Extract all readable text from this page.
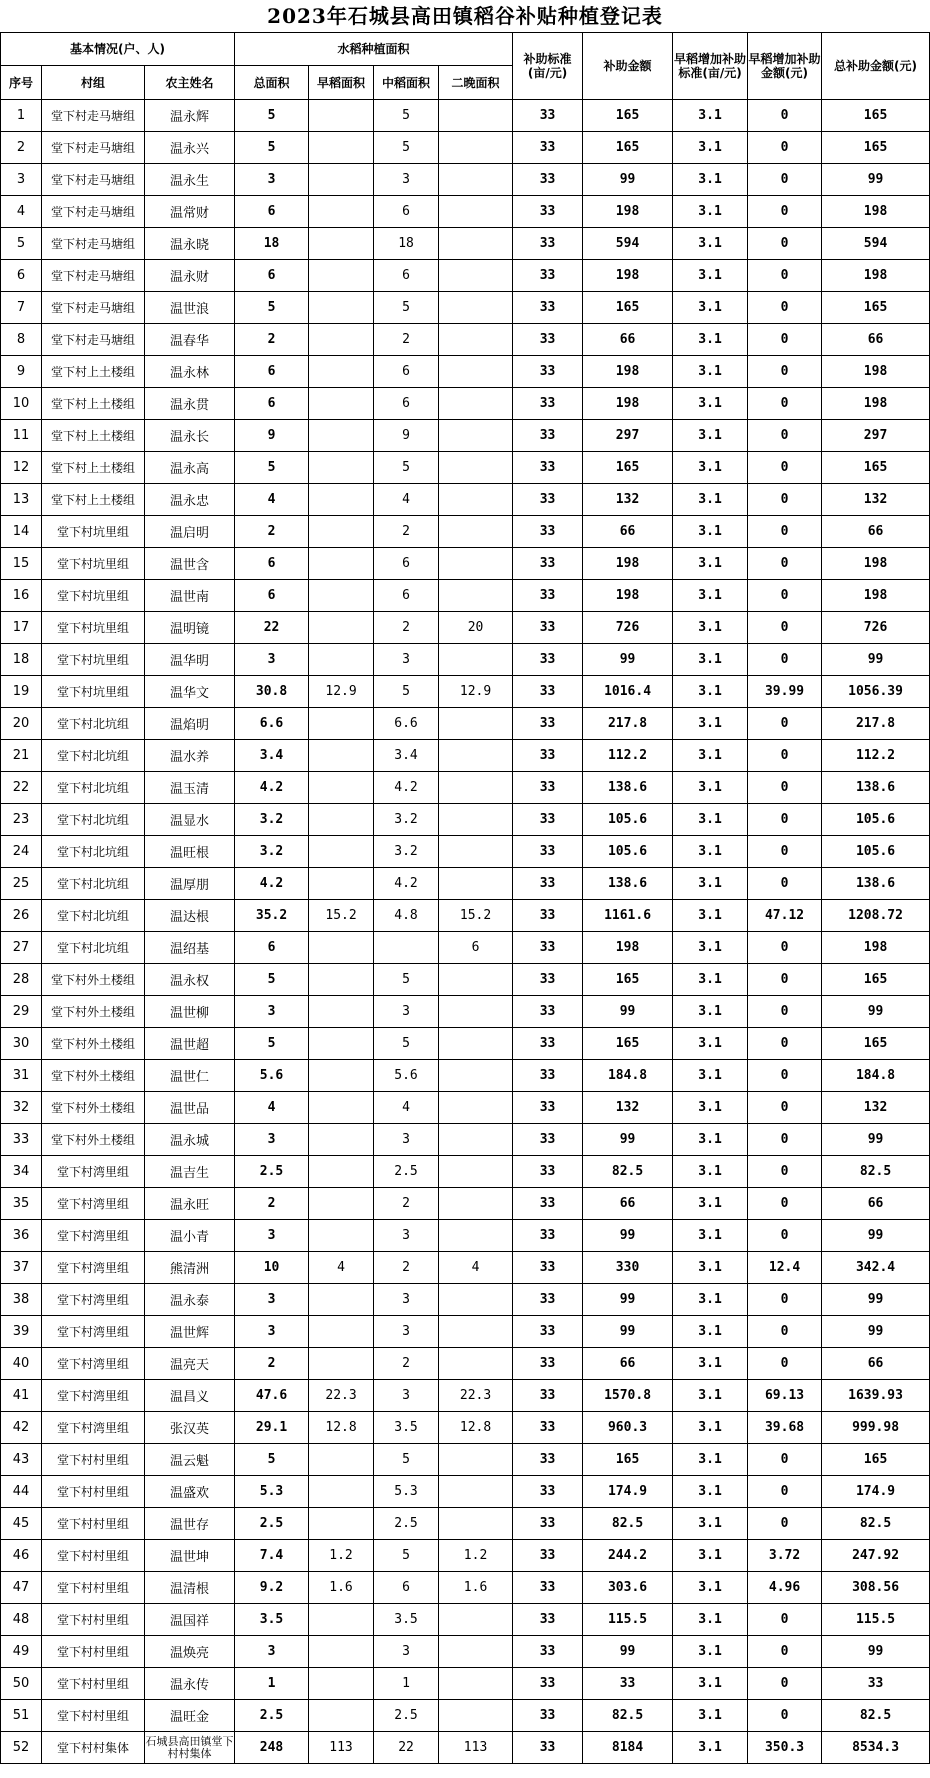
2023年石城县高田镇稻谷补贴种植登记表
基本情况(户、人)			水稻种植面积				补助标准(亩/元)	补助金额	早稻增加补助标准(亩/元)	早稻增加补助金额(元)	总补助金额(元)
序号	村组	农主姓名	总面积	早稻面积	中稻面积	二晚面积					
1	堂下村走马塘组	温永辉	5		5		33	165	3.1	0	165
2	堂下村走马塘组	温永兴	5		5		33	165	3.1	0	165
3	堂下村走马塘组	温永生	3		3		33	99	3.1	0	99
4	堂下村走马塘组	温常财	6		6		33	198	3.1	0	198
5	堂下村走马塘组	温永晓	18		18		33	594	3.1	0	594
6	堂下村走马塘组	温永财	6		6		33	198	3.1	0	198
7	堂下村走马塘组	温世浪	5		5		33	165	3.1	0	165
8	堂下村走马塘组	温春华	2		2		33	66	3.1	0	66
9	堂下村上土楼组	温永林	6		6		33	198	3.1	0	198
10	堂下村上土楼组	温永贯	6		6		33	198	3.1	0	198
11	堂下村上土楼组	温永长	9		9		33	297	3.1	0	297
12	堂下村上土楼组	温永高	5		5		33	165	3.1	0	165
13	堂下村上土楼组	温永忠	4		4		33	132	3.1	0	132
14	堂下村坑里组	温启明	2		2		33	66	3.1	0	66
15	堂下村坑里组	温世含	6		6		33	198	3.1	0	198
16	堂下村坑里组	温世南	6		6		33	198	3.1	0	198
17	堂下村坑里组	温明镜	22		2	20	33	726	3.1	0	726
18	堂下村坑里组	温华明	3		3		33	99	3.1	0	99
19	堂下村坑里组	温华文	30.8	12.9	5	12.9	33	1016.4	3.1	39.99	1056.39
20	堂下村北坑组	温焰明	6.6		6.6		33	217.8	3.1	0	217.8
21	堂下村北坑组	温水养	3.4		3.4		33	112.2	3.1	0	112.2
22	堂下村北坑组	温玉清	4.2		4.2		33	138.6	3.1	0	138.6
23	堂下村北坑组	温显水	3.2		3.2		33	105.6	3.1	0	105.6
24	堂下村北坑组	温旺根	3.2		3.2		33	105.6	3.1	0	105.6
25	堂下村北坑组	温厚朋	4.2		4.2		33	138.6	3.1	0	138.6
26	堂下村北坑组	温达根	35.2	15.2	4.8	15.2	33	1161.6	3.1	47.12	1208.72
27	堂下村北坑组	温绍基	6			6	33	198	3.1	0	198
28	堂下村外土楼组	温永权	5		5		33	165	3.1	0	165
29	堂下村外土楼组	温世柳	3		3		33	99	3.1	0	99
30	堂下村外土楼组	温世超	5		5		33	165	3.1	0	165
31	堂下村外土楼组	温世仁	5.6		5.6		33	184.8	3.1	0	184.8
32	堂下村外土楼组	温世品	4		4		33	132	3.1	0	132
33	堂下村外土楼组	温永城	3		3		33	99	3.1	0	99
34	堂下村湾里组	温吉生	2.5		2.5		33	82.5	3.1	0	82.5
35	堂下村湾里组	温永旺	2		2		33	66	3.1	0	66
36	堂下村湾里组	温小青	3		3		33	99	3.1	0	99
37	堂下村湾里组	熊清洲	10	4	2	4	33	330	3.1	12.4	342.4
38	堂下村湾里组	温永泰	3		3		33	99	3.1	0	99
39	堂下村湾里组	温世辉	3		3		33	99	3.1	0	99
40	堂下村湾里组	温亮天	2		2		33	66	3.1	0	66
41	堂下村湾里组	温昌义	47.6	22.3	3	22.3	33	1570.8	3.1	69.13	1639.93
42	堂下村湾里组	张汉英	29.1	12.8	3.5	12.8	33	960.3	3.1	39.68	999.98
43	堂下村村里组	温云魁	5		5		33	165	3.1	0	165
44	堂下村村里组	温盛欢	5.3		5.3		33	174.9	3.1	0	174.9
45	堂下村村里组	温世存	2.5		2.5		33	82.5	3.1	0	82.5
46	堂下村村里组	温世坤	7.4	1.2	5	1.2	33	244.2	3.1	3.72	247.92
47	堂下村村里组	温清根	9.2	1.6	6	1.6	33	303.6	3.1	4.96	308.56
48	堂下村村里组	温国祥	3.5		3.5		33	115.5	3.1	0	115.5
49	堂下村村里组	温焕亮	3		3		33	99	3.1	0	99
50	堂下村村里组	温永传	1		1		33	33	3.1	0	33
51	堂下村村里组	温旺金	2.5		2.5		33	82.5	3.1	0	82.5
52	堂下村村集体	石城县高田镇堂下村村集体	248	113	22	113	33	8184	3.1	350.3	8534.3
